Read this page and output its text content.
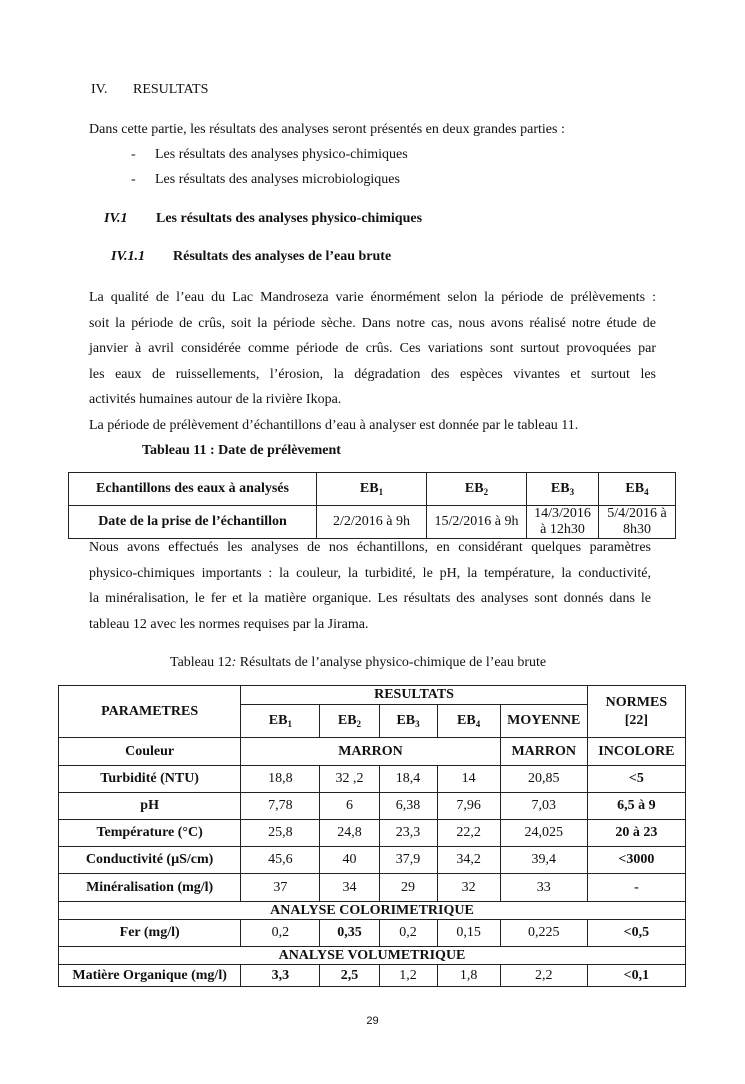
IV. RESULTATS
Dans cette partie, les résultats des analyses seront présentés en deux grandes parties :
- Les résultats des analyses physico-chimiques
- Les résultats des analyses microbiologiques
IV.1 Les résultats des analyses physico-chimiques
IV.1.1 Résultats des analyses de l’eau brute
La qualité de l’eau du Lac Mandroseza varie énormément selon la période de prélèvements :
soit la période de crûs, soit la période sèche. Dans notre cas, nous avons réalisé notre étude de
janvier à avril considérée comme période de crûs. Ces variations sont surtout provoquées par
les eaux de ruissellements, l’érosion, la dégradation des espèces vivantes et surtout les
activités humaines autour de la rivière Ikopa.
La période de prélèvement d’échantillons d’eau à analyser est donnée par le tableau 11.
Tableau 11 : Date de prélèvement
Echantillons des eaux à analysés	$EB_1$	$EB_2$	$EB_3$	$EB_4$
Date de la prise de l’échantillon	2/2/2016 à 9h	15/2/2016 à 9h	14/3/2016
à 12h30	5/4/2016 à
8h30
Nous avons effectués les analyses de nos échantillons, en considérant quelques paramètres
physico-chimiques importants : la couleur, la turbidité, le pH, la température, la conductivité,
la minéralisation, le fer et la matière organique. Les résultats des analyses sont donnés dans le
tableau 12 avec les normes requises par la Jirama.
Tableau 12: Résultats de l’analyse physico-chimique de l’eau brute
PARAMETRES	RESULTATS					NORMES
[22]
	$EB_1$	$EB_2$	$EB_3$	$EB_4$	MOYENNE	
Couleur	MARRON				MARRON	INCOLORE
Turbidité (NTU)	18,8	32 ,2	18,4	14	20,85	<5
pH	7,78	6	6,38	7,96	7,03	6,5 à 9
Température (°C)	25,8	24,8	23,3	22,2	24,025	20 à 23
Conductivité (µS/cm)	45,6	40	37,9	34,2	39,4	<3000
Minéralisation (mg/l)	37	34	29	32	33	-
ANALYSE COLORIMETRIQUE						
Fer (mg/l)	0,2	0,35	0,2	0,15	0,225	<0,5
ANALYSE VOLUMETRIQUE						
Matière Organique (mg/l)	3,3	2,5	1,2	1,8	2,2	<0,1
29
